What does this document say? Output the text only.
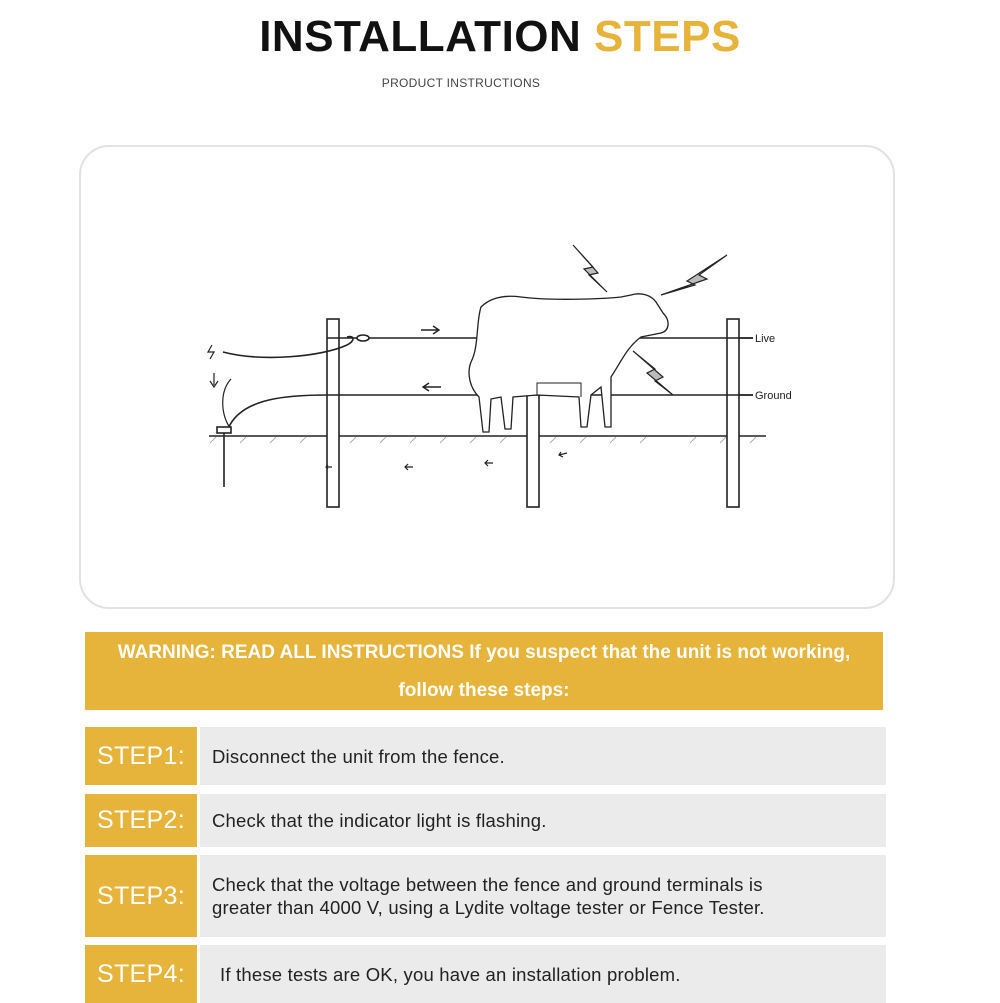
INSTALLATION STEPS
PRODUCT INSTRUCTIONS
Live
Ground
WARNING: READ ALL INSTRUCTIONS If you suspect that the unit is not working, follow these steps:
STEP1:	Disconnect the unit from the fence.
STEP2:	Check that the indicator light is flashing.
STEP3:	Check that the voltage between the fence and ground terminals is greater than 4000 V, using a Lydite voltage tester or Fence Tester.
STEP4:	If these tests are OK, you have an installation problem.
